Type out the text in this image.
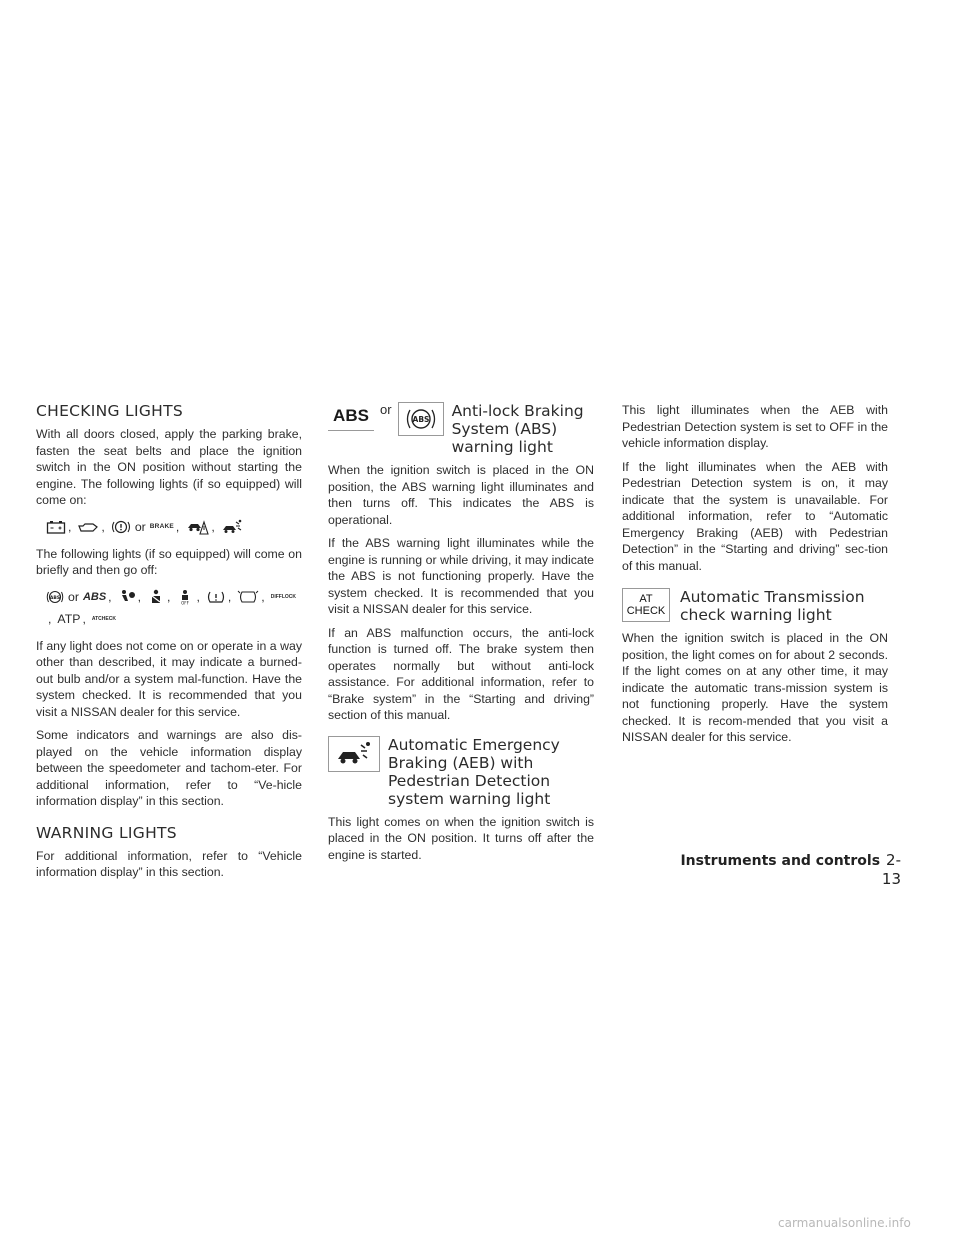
CHECKING LIGHTS

With all doors closed, apply the parking brake, fasten the seat belts and place the ignition switch in the ON position without starting the engine. The following lights (if so equipped) will come on:

, , or BRAKE ,	,

The following lights (if so equipped) will come on briefly and then go off:

ABS or ABS , , ,	OFF , , , DIFF LOCK
, ATP , AT CHECK

If any light does not come on or operate in a way other than described, it may indicate a burned-out bulb and/or a system mal-function. Have the system checked. It is recommended that you visit a NISSAN dealer for this service.

Some indicators and warnings are also dis-played on the vehicle information display between the speedometer and tachom-eter. For additional information, refer to “Ve-hicle information display” in this section.

WARNING LIGHTS

For additional information, refer to “Vehicle information display” in this section.

ABS or
ABS Anti-lock Braking
System (ABS)
warning light

When the ignition switch is placed in the ON position, the ABS warning light illuminates and then turns off. This indicates the ABS is operational.

If the ABS warning light illuminates while the engine is running or while driving, it may indicate the ABS is not functioning properly. Have the system checked. It is recommended that you visit a NISSAN dealer for this service.

If an ABS malfunction occurs, the anti-lock function is turned off. The brake system then operates normally but without anti-lock assistance. For additional information, refer to “Brake system” in the “Starting and driving” section of this manual.

Automatic Emergency
Braking (AEB) with
Pedestrian Detection
system warning light

This light comes on when the ignition switch is placed in the ON position. It turns off after the engine is started.

This light illuminates when the AEB with Pedestrian Detection system is set to OFF in the vehicle information display.

If the light illuminates when the AEB with Pedestrian Detection system is on, it may indicate that the system is unavailable. For additional information, refer to “Automatic Emergency Braking (AEB) with Pedestrian Detection” in the “Starting and driving” sec-tion of this manual.

AT
CHECK
Automatic Transmission
check warning light

When the ignition switch is placed in the ON position, the light comes on for about 2 seconds. If the light comes on at any other time, it may indicate the automatic trans-mission system is not functioning properly. Have the system checked. It is recom-mended that you visit a NISSAN dealer for this service.

Instruments and controls 2-13
carmanualsonline.info
